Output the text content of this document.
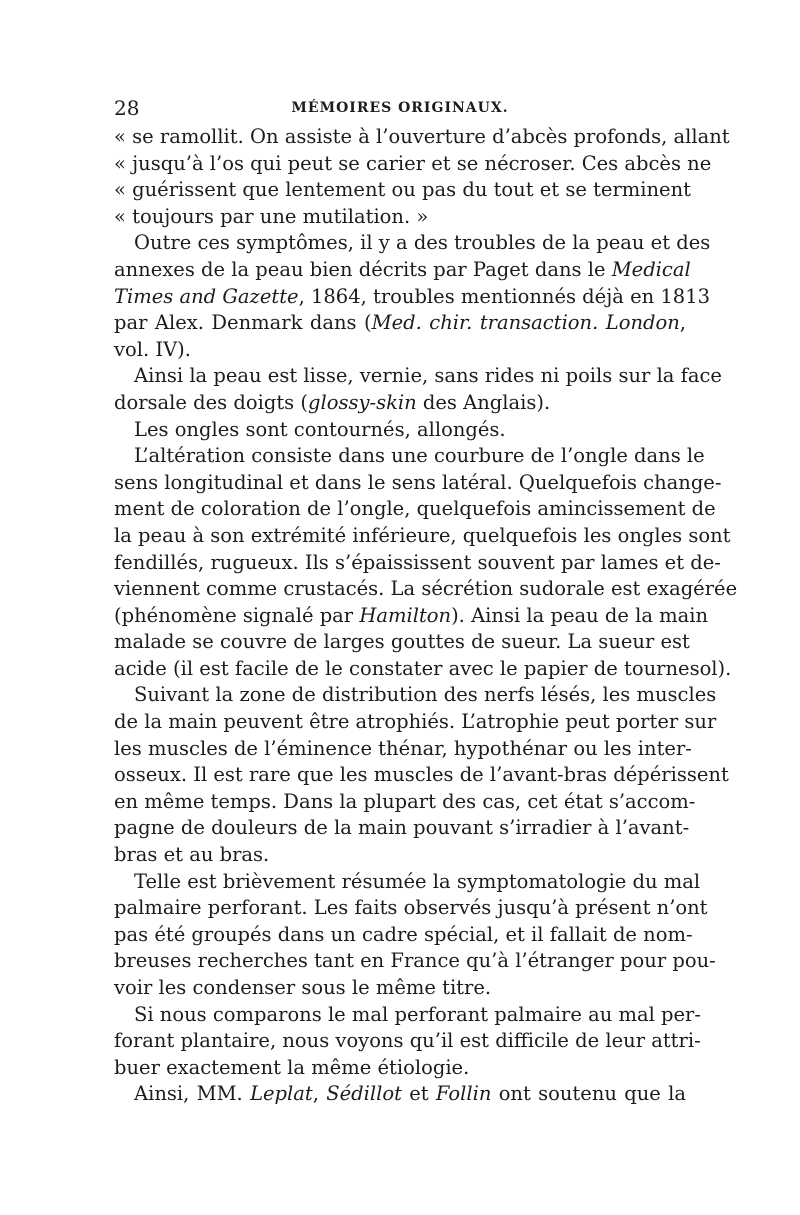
28	MÉMOIRES ORIGINAUX.
« se ramollit. On assiste à l’ouverture d’abcès profonds, allant
« jusqu’à l’os qui peut se carier et se nécroser. Ces abcès ne
« guérissent que lentement ou pas du tout et se terminent
« toujours par une mutilation. »
Outre ces symptômes, il y a des troubles de la peau et des
annexes de la peau bien décrits par Paget dans le Medical
Times and Gazette, 1864, troubles mentionnés déjà en 1813
par Alex. Denmark dans (Med. chir. transaction. London,
vol. IV).
Ainsi la peau est lisse, vernie, sans rides ni poils sur la face
dorsale des doigts (glossy-skin des Anglais).
Les ongles sont contournés, allongés.
L’altération consiste dans une courbure de l’ongle dans le
sens longitudinal et dans le sens latéral. Quelquefois change-
ment de coloration de l’ongle, quelquefois amincissement de
la peau à son extrémité inférieure, quelquefois les ongles sont
fendillés, rugueux. Ils s’épaississent souvent par lames et de-
viennent comme crustacés. La sécrétion sudorale est exagérée
(phénomène signalé par Hamilton). Ainsi la peau de la main
malade se couvre de larges gouttes de sueur. La sueur est
acide (il est facile de le constater avec le papier de tournesol).
Suivant la zone de distribution des nerfs lésés, les muscles
de la main peuvent être atrophiés. L’atrophie peut porter sur
les muscles de l’éminence thénar, hypothénar ou les inter-
osseux. Il est rare que les muscles de l’avant-bras dépérissent
en même temps. Dans la plupart des cas, cet état s’accom-
pagne de douleurs de la main pouvant s’irradier à l’avant-
bras et au bras.
Telle est brièvement résumée la symptomatologie du mal
palmaire perforant. Les faits observés jusqu’à présent n’ont
pas été groupés dans un cadre spécial, et il fallait de nom-
breuses recherches tant en France qu’à l’étranger pour pou-
voir les condenser sous le même titre.
Si nous comparons le mal perforant palmaire au mal per-
forant plantaire, nous voyons qu’il est difficile de leur attri-
buer exactement la même étiologie.
Ainsi, MM. Leplat, Sédillot et Follin ont soutenu que la
